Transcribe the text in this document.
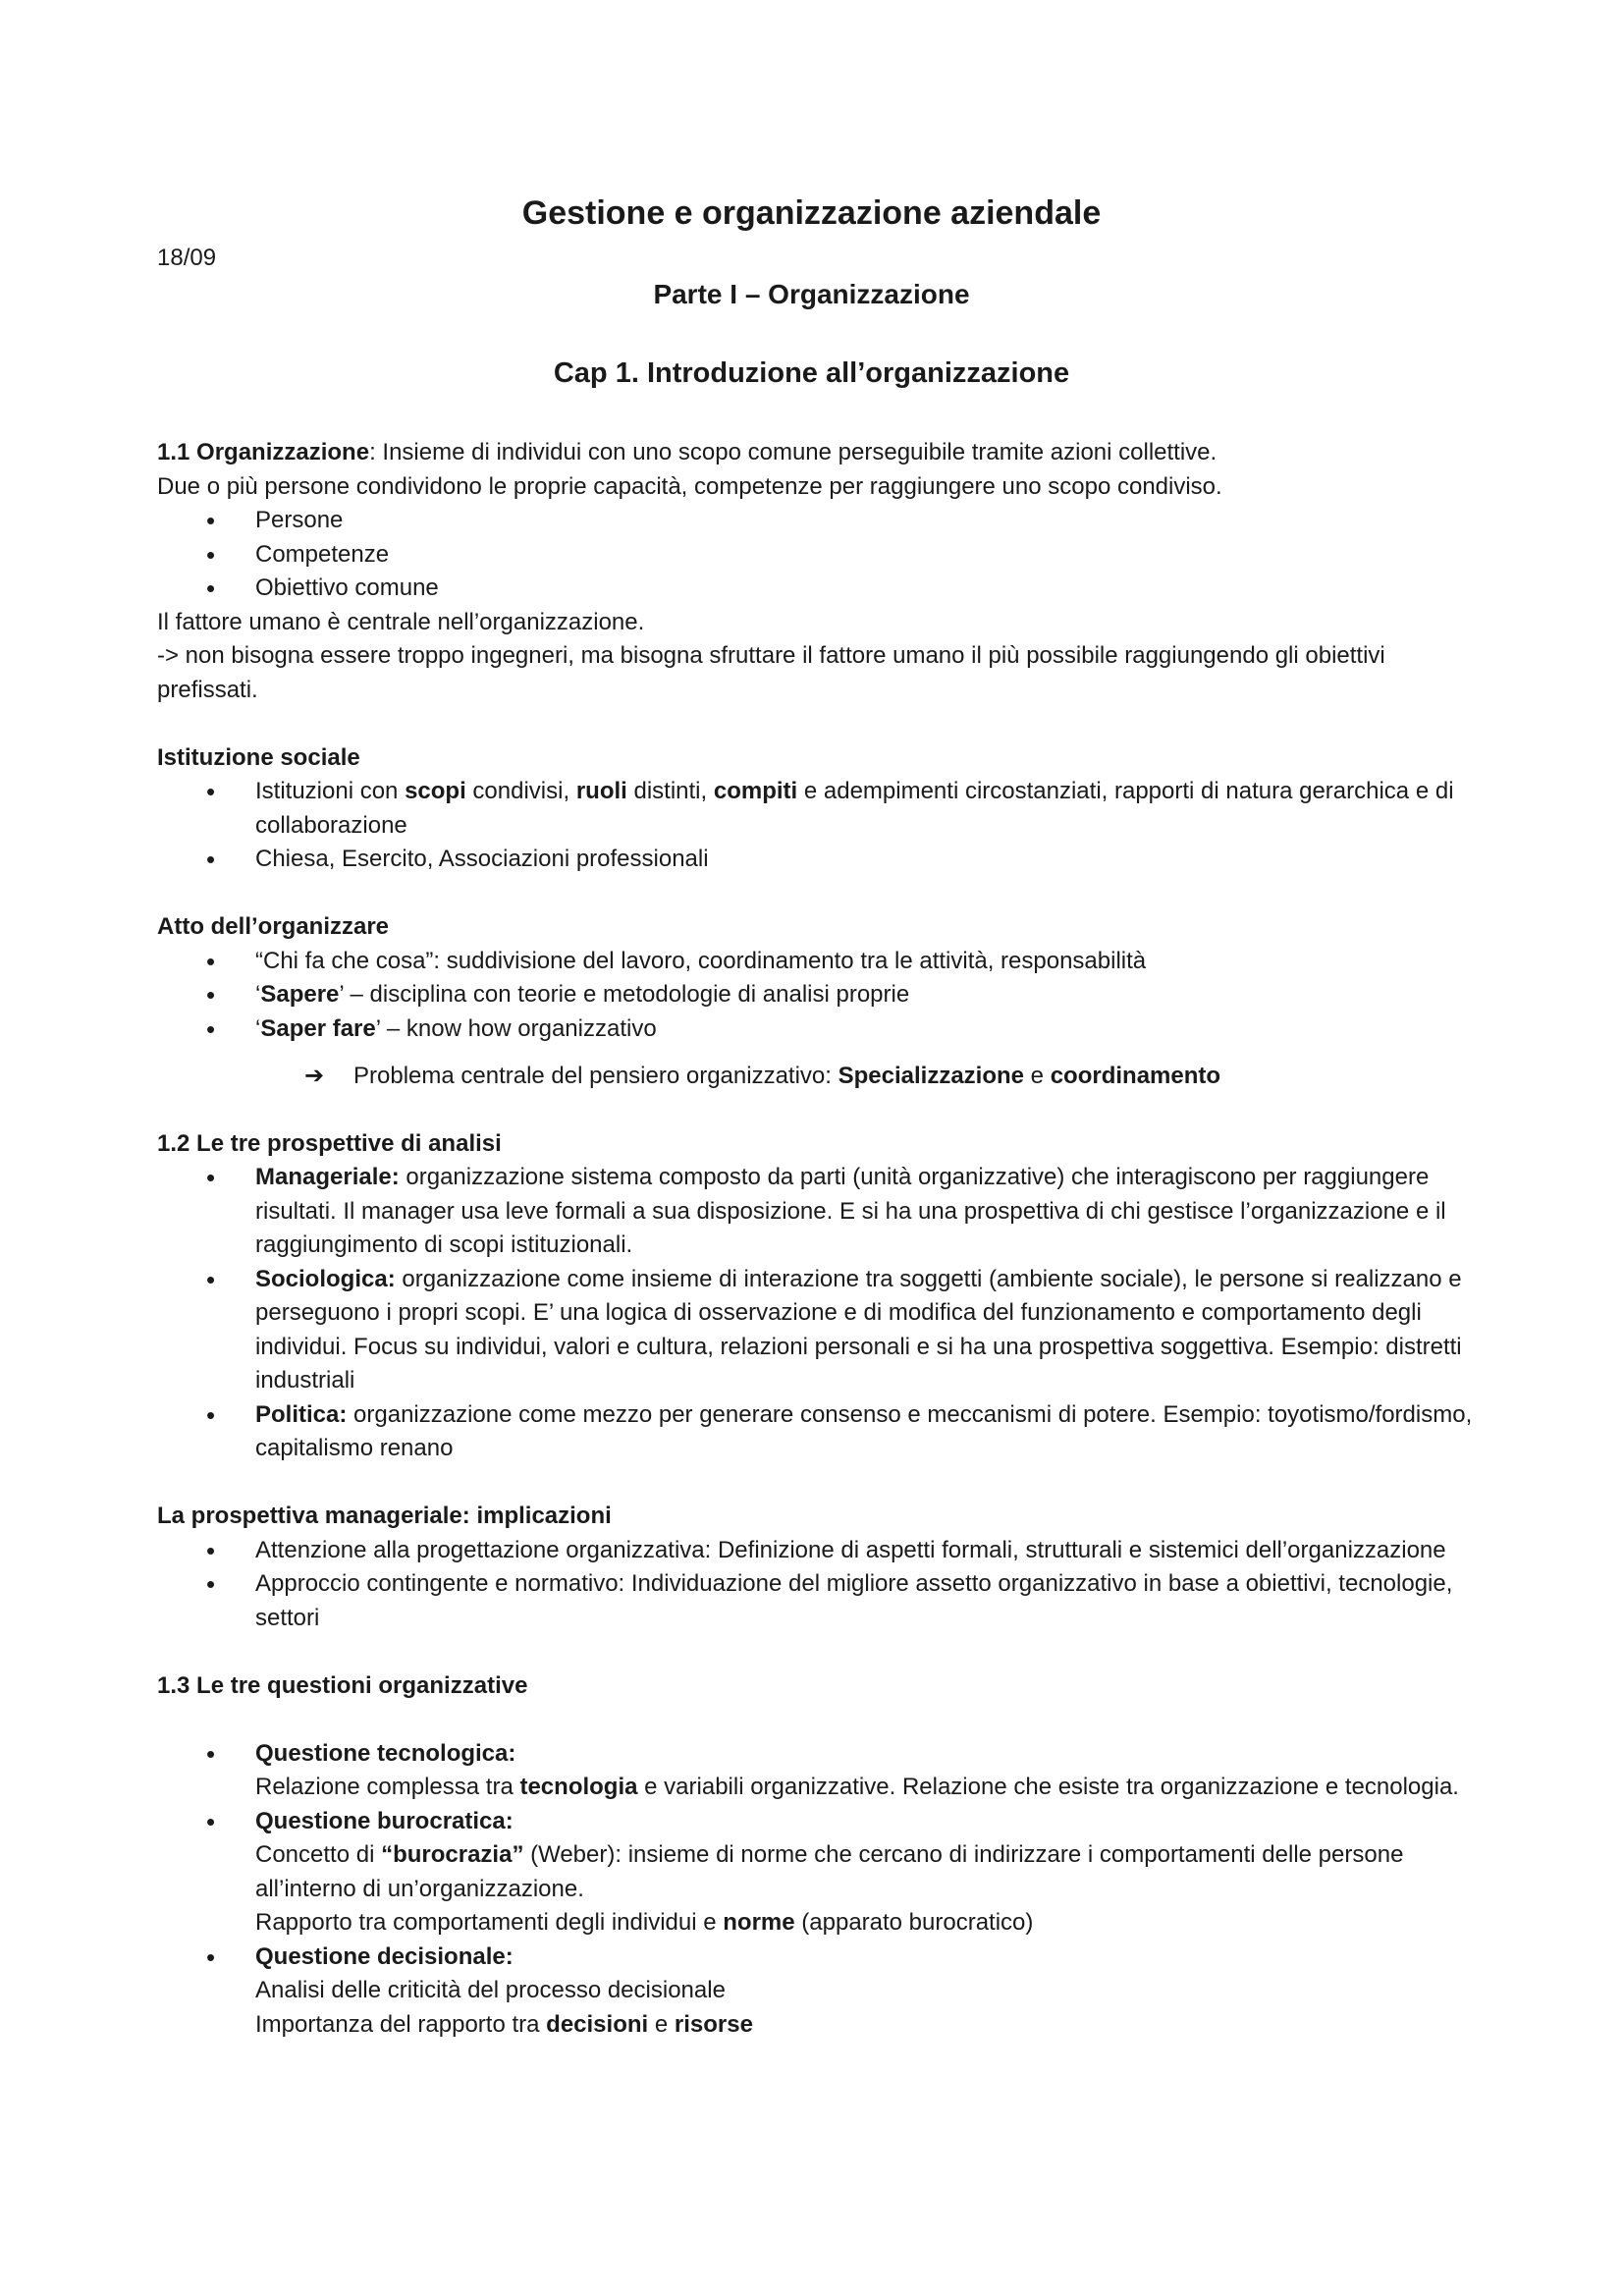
Gestione e organizzazione aziendale
18/09
Parte I – Organizzazione
Cap 1. Introduzione all’organizzazione

1.1 Organizzazione: Insieme di individui con uno scopo comune perseguibile tramite azioni collettive.

Due o più persone condividono le proprie capacità, competenze per raggiungere uno scopo condiviso.

• Persone
• Competenze
• Obiettivo comune

Il fattore umano è centrale nell’organizzazione.

-> non bisogna essere troppo ingegneri, ma bisogna sfruttare il fattore umano il più possibile raggiungendo gli obiettivi prefissati.

Istituzione sociale

• Istituzioni con scopi condivisi, ruoli distinti, compiti e adempimenti circostanziati, rapporti di natura gerarchica e di collaborazione
• Chiesa, Esercito, Associazioni professionali

Atto dell’organizzare

• “Chi fa che cosa”: suddivisione del lavoro, coordinamento tra le attività, responsabilità
• ‘Sapere’ – disciplina con teorie e metodologie di analisi proprie
• ‘Saper fare’ – know how organizzativo

➔ Problema centrale del pensiero organizzativo: Specializzazione e coordinamento

1.2 Le tre prospettive di analisi

• Manageriale: organizzazione sistema composto da parti (unità organizzative) che interagiscono per raggiungere risultati. Il manager usa leve formali a sua disposizione. E si ha una prospettiva di chi gestisce l’organizzazione e il raggiungimento di scopi istituzionali.
• Sociologica: organizzazione come insieme di interazione tra soggetti (ambiente sociale), le persone si realizzano e perseguono i propri scopi. E’ una logica di osservazione e di modifica del funzionamento e comportamento degli individui. Focus su individui, valori e cultura, relazioni personali e si ha una prospettiva soggettiva. Esempio: distretti industriali
• Politica: organizzazione come mezzo per generare consenso e meccanismi di potere. Esempio: toyotismo/fordismo, capitalismo renano

La prospettiva manageriale: implicazioni

• Attenzione alla progettazione organizzativa: Definizione di aspetti formali, strutturali e sistemici dell’organizzazione
• Approccio contingente e normativo: Individuazione del migliore assetto organizzativo in base a obiettivi, tecnologie, settori

1.3 Le tre questioni organizzative

• Questione tecnologica:
Relazione complessa tra tecnologia e variabili organizzative. Relazione che esiste tra organizzazione e tecnologia.
• Questione burocratica:
Concetto di “burocrazia” (Weber): insieme di norme che cercano di indirizzare i comportamenti delle persone all’interno di un’organizzazione.
Rapporto tra comportamenti degli individui e norme (apparato burocratico)
• Questione decisionale:
Analisi delle criticità del processo decisionale
Importanza del rapporto tra decisioni e risorse
